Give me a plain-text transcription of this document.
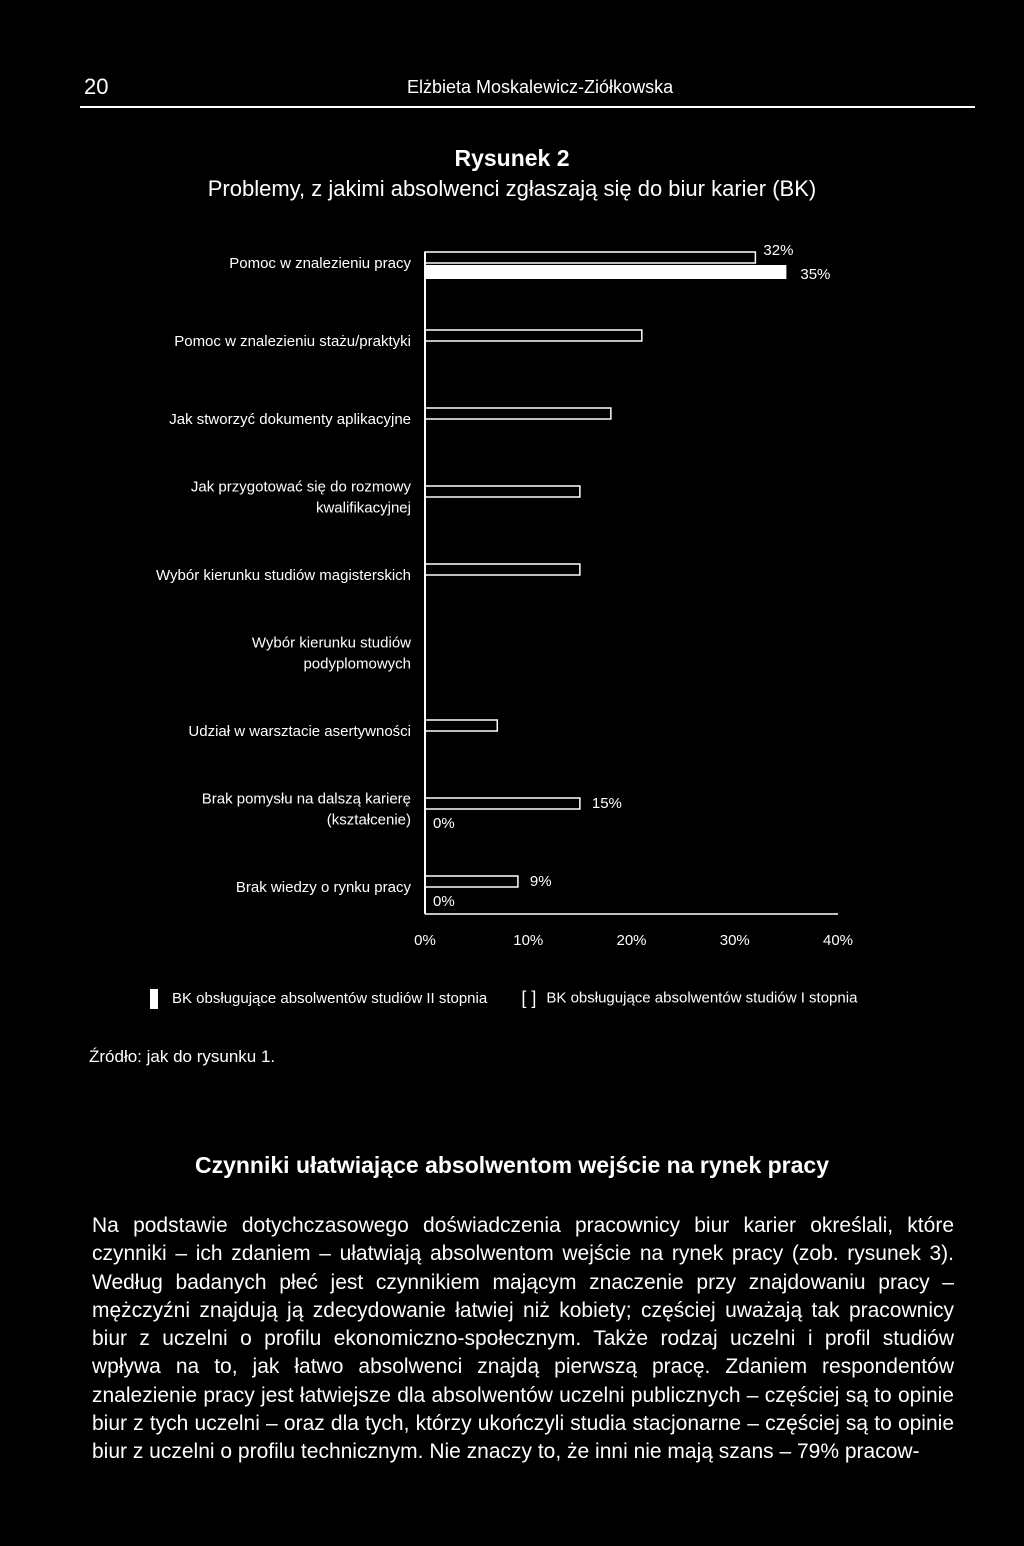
20	Elżbieta Moskalewicz-Ziółkowska
Rysunek 2
Problemy, z jakimi absolwenci zgłaszają się do biur karier (BK)
Pomoc w znalezieniu pracy
Pomoc w znalezieniu stażu/praktyki
Jak stworzyć dokumenty aplikacyjne
Jak przygotować się do rozmowy
kwalifikacyjnej
Wybór kierunku studiów magisterskich
Wybór kierunku studiów
podyplomowych
Udział w warsztacie asertywności
Brak pomysłu na dalszą karierę
(kształcenie)
Brak wiedzy o rynku pracy
32%
35%
15%
0%
9%
0%
0%	10%	20%	30%	40%
BK obsługujące absolwentów studiów II stopnia [ ] BK obsługujące absolwentów studiów I stopnia
Źródło: jak do rysunku 1.
Czynniki ułatwiające absolwentom wejście na rynek pracy
Na podstawie dotychczasowego doświadczenia pracownicy biur karier określali, które czynniki – ich zdaniem – ułatwiają absolwentom wejście na rynek pracy (zob. rysunek 3). Według badanych płeć jest czynnikiem mającym znaczenie przy znajdowaniu pracy – mężczyźni znajdują ją zdecydowanie łatwiej niż kobiety; częściej uważają tak pracownicy biur z uczelni o profilu ekonomiczno-społecznym. Także rodzaj uczelni i profil studiów wpływa na to, jak łatwo absolwenci znajdą pierwszą pracę. Zdaniem respondentów znalezienie pracy jest łatwiejsze dla absolwentów uczelni publicznych – częściej są to opinie biur z tych uczelni – oraz dla tych, którzy ukończyli studia stacjonarne – częściej są to opinie biur z uczelni o profilu technicznym. Nie znaczy to, że inni nie mają szans – 79% pracow-
